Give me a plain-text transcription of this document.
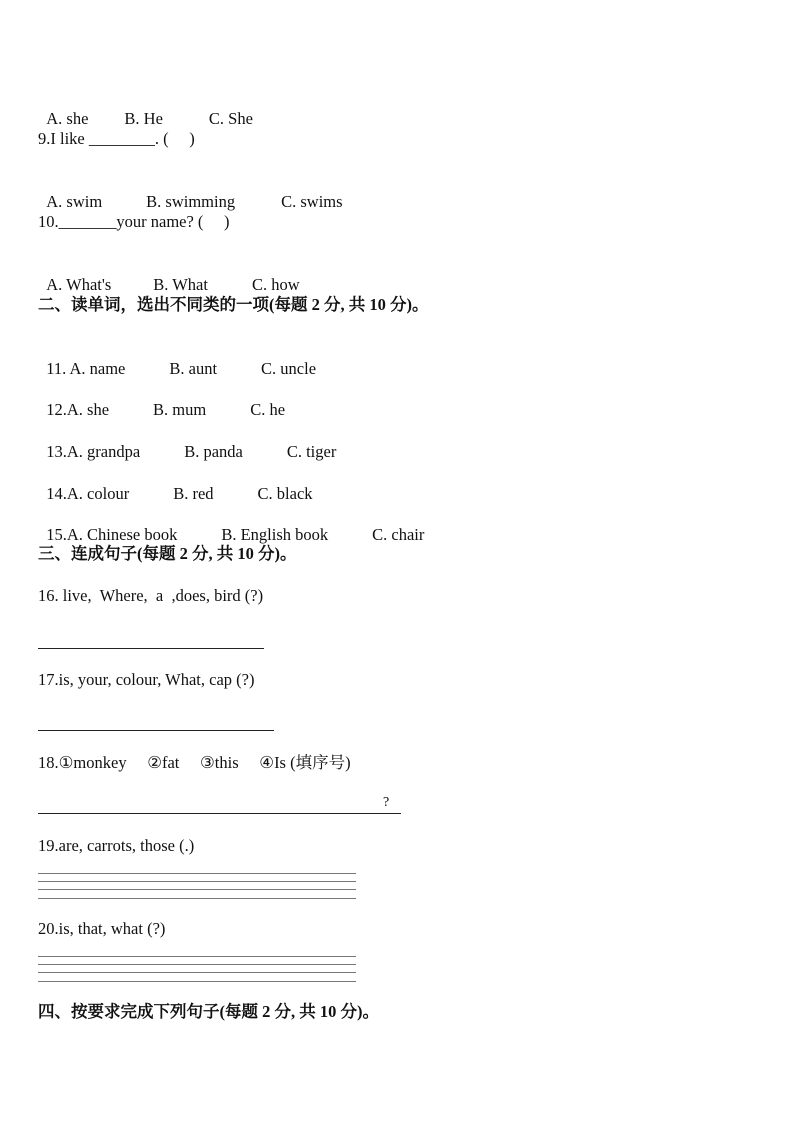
A. she B. He	C. She

9.I like ________. (     )

A. swim	B. swimming	C. swims

10._______your name? (     )

A. What's	B. What	C. how

二、读单词，选出不同类的一项(每题 2 分, 共 10 分)。

11. A. name	B. aunt	C. uncle

12.A. she	B. mum	C. he

13.A. grandpa	B. panda	C. tiger

14.A. colour	B. red	C. black

15.A. Chinese book	B. English book	C. chair

三、连成句子(每题 2 分, 共 10 分)。
16. live,  Where,  a  ,does, bird (?)
17.is, your, colour, What, cap (?)
18.①monkey     ②fat     ③this     ④Is (填序号)
?
19.are, carrots, those (.)
20.is, that, what (?)
四、按要求完成下列句子(每题 2 分, 共 10 分)。
